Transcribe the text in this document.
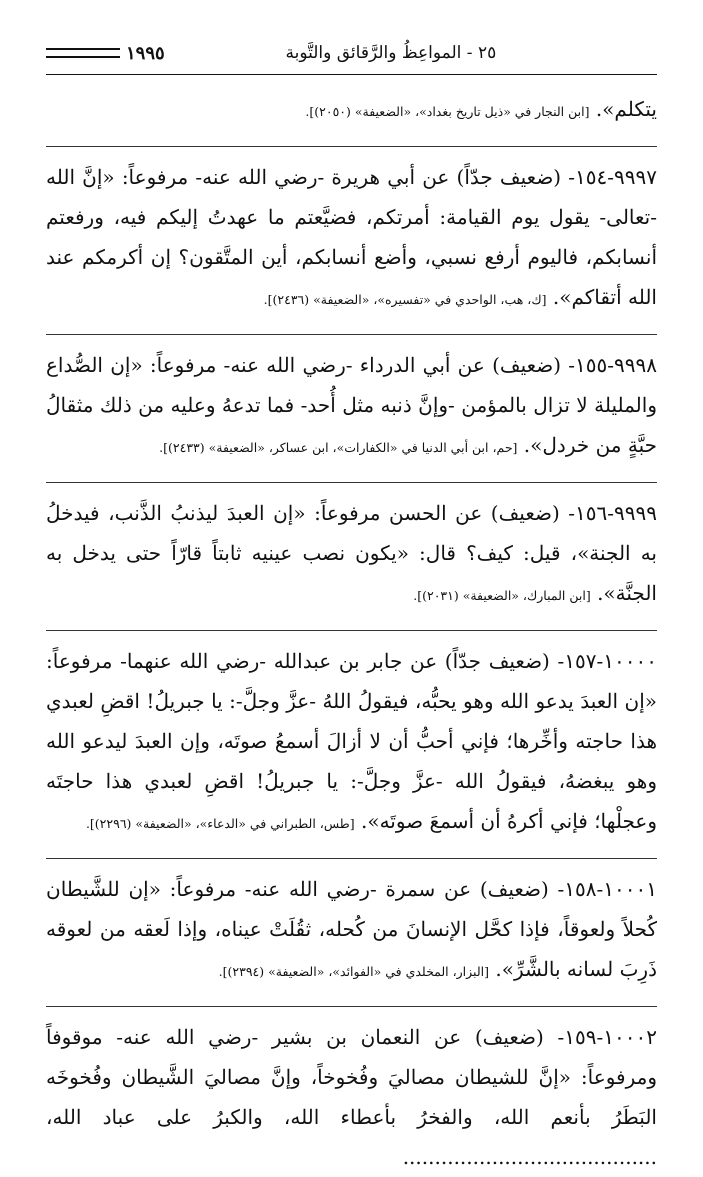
٢٥ - المواعِظُ والرَّقائق والتَّوبة
١٩٩٥

يتكلم». [ابن النجار في «ذيل تاريخ بغداد»، «الضعيفة» (٢٠٥٠)].

٩٩٩٧-١٥٤- (ضعيف جدّاً) عن أبي هريرة -رضي الله عنه- مرفوعاً: «إنَّ الله -تعالى- يقول يوم القيامة: أمرتكم، فضيَّعتم ما عهدتُ إليكم فيه، ورفعتم أنسابكم، فاليوم أرفع نسبي، وأضع أنسابكم، أين المتَّقون؟ إن أكرمكم عند الله أتقاكم». [ك، هب، الواحدي في «تفسيره»، «الضعيفة» (٢٤٣٦)].

٩٩٩٨-١٥٥- (ضعيف) عن أبي الدرداء -رضي الله عنه- مرفوعاً: «إن الصُّداع والمليلة لا تزال بالمؤمن -وإنَّ ذنبه مثل أُحد- فما تدعهُ وعليه من ذلك مثقالُ حبَّةٍ من خردل». [حم، ابن أبي الدنيا في «الكفارات»، ابن عساكر، «الضعيفة» (٢٤٣٣)].

٩٩٩٩-١٥٦- (ضعيف) عن الحسن مرفوعاً: «إن العبدَ ليذنبُ الذَّنب، فيدخلُ به الجنة»، قيل: كيف؟ قال: «يكون نصب عينيه ثابتاً قارّاً حتى يدخل به الجنَّة». [ابن المبارك، «الضعيفة» (٢٠٣١)].

١٠٠٠٠-١٥٧- (ضعيف جدّاً) عن جابر بن عبدالله -رضي الله عنهما- مرفوعاً: «إن العبدَ يدعو الله وهو يحبُّه، فيقولُ اللهُ -عزَّ وجلَّ-: يا جبريلُ! اقضِ لعبدي هذا حاجته وأخِّرها؛ فإني أحبُّ أن لا أزالَ أسمعُ صوتَه، وإن العبدَ ليدعو الله وهو يبغضهُ، فيقولُ الله -عزَّ وجلَّ-: يا جبريلُ! اقضِ لعبدي هذا حاجتَه وعجلْها؛ فإني أكرهُ أن أسمعَ صوتَه». [طس، الطبراني في «الدعاء»، «الضعيفة» (٢٢٩٦)].

١٠٠٠١-١٥٨- (ضعيف) عن سمرة -رضي الله عنه- مرفوعاً: «إن للشَّيطان كُحلاً ولعوقاً، فإذا كحَّل الإنسانَ من كُحله، ثقُلَتْ عيناه، وإذا لَعقه من لعوقه ذَرِبَ لسانه بالشَّرِّ». [البزار، المخلدي في «الفوائد»، «الضعيفة» (٢٣٩٤)].

١٠٠٠٢-١٥٩- (ضعيف) عن النعمان بن بشير -رضي الله عنه- موقوفاً ومرفوعاً: «إنَّ للشيطان مصاليَ وفُخوخاً، وإنَّ مصاليَ الشَّيطان وفُخوخَه البَطَرُ بأنعم الله، والفخرُ بأعطاء الله، والكبرُ على عباد الله، ........................................
